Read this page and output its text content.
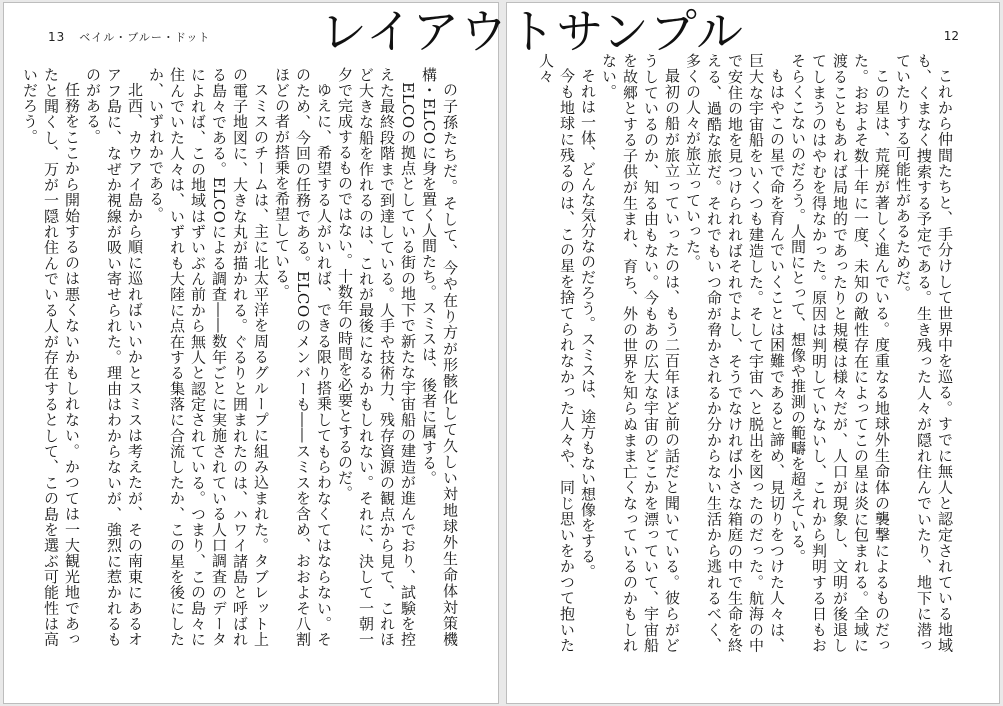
13 ベイル・ブルー・ドット

の子孫たちだ。そして、今や在り方が形骸化して久しい対地球外生命体対策機構・ELCOに身を置く人間たち。スミスは、後者に属する。

ELCOの拠点としている街の地下で新たな宇宙船の建造が進んでおり、試験を控えた最終段階まで到達している。人手や技術力、残存資源の観点から見て、これほど大きな船を作れるのは、これが最後になるかもしれない。それに、決して一朝一夕で完成するものではない。十数年の時間を必要とするのだ。

ゆえに、希望する人がいれば、できる限り搭乗してもらわなくてはならない。そのため、今回の任務である。ELCOのメンバーも――スミスを含め、おおよそ八割ほどの者が搭乗を希望している。

スミスのチームは、主に北太平洋を周るグループに組み込まれた。タブレット上の電子地図に、大きな丸が描かれる。ぐるりと囲まれたのは、ハワイ諸島と呼ばれる島々である。ELCOによる調査――数年ごとに実施されている人口調査のデータによれば、この地域はずいぶん前から無人と認定されている。つまり、この島々に住んでいた人々は、いずれも大陸に点在する集落に合流したか、この星を後にしたか、いずれかである。

北西、カウアイ島から順に巡ればいいかとスミスは考えたが、その南東にあるオアフ島に、なぜか視線が吸い寄せられた。理由はわからないが、強烈に惹かれるものがある。

任務をここから開始するのは悪くないかもしれない。かつては一大観光地であったと聞くし、万が一隠れ住んでいる人が存在するとして、この島を選ぶ可能性は高いだろう。

12

これから仲間たちと、手分けして世界中を巡る。すでに無人と認定されている地域も、くまなく捜索する予定である。生き残った人々が隠れ住んでいたり、地下に潜っていたりする可能性があるためだ。

この星は、荒廃が著しく進んでいる。度重なる地球外生命体の襲撃によるものだった。おおよそ数十年に一度、未知の敵性存在によってこの星は炎に包まれる。全域に渡ることもあれば局地的であったりと規模は様々だが、人口が現象し、文明が後退してしまうのはやむを得なかった。原因は判明していないし、これから判明する日もおそらくこないのだろう。人間にとって、想像や推測の範疇を超えている。

もはやこの星で命を育んでいくことは困難であると諦め、見切りをつけた人々は、巨大な宇宙船をいくつも建造した。そして宇宙へと脱出を図ったのだった。航海の中で安住の地を見つけられればそれでよし、そうでなければ小さな箱庭の中で生命を終える、過酷な旅だ。それでもいつ命が脅かされるか分からない生活から逃れるべく、多くの人々が旅立っていった。

最初の船が旅立っていったのは、もう二百年ほど前の話だと聞いている。彼らがどうしているのか、知る由もない。今もあの広大な宇宙のどこかを漂っていて、宇宙船を故郷とする子供が生まれ、育ち、外の世界を知らぬまま亡くなっているのかもしれない。

それは一体、どんな気分なのだろう。スミスは、途方もない想像をする。

今も地球に残るのは、この星を捨てられなかった人々や、同じ思いをかつて抱いた人々

レイアウトサンプル
